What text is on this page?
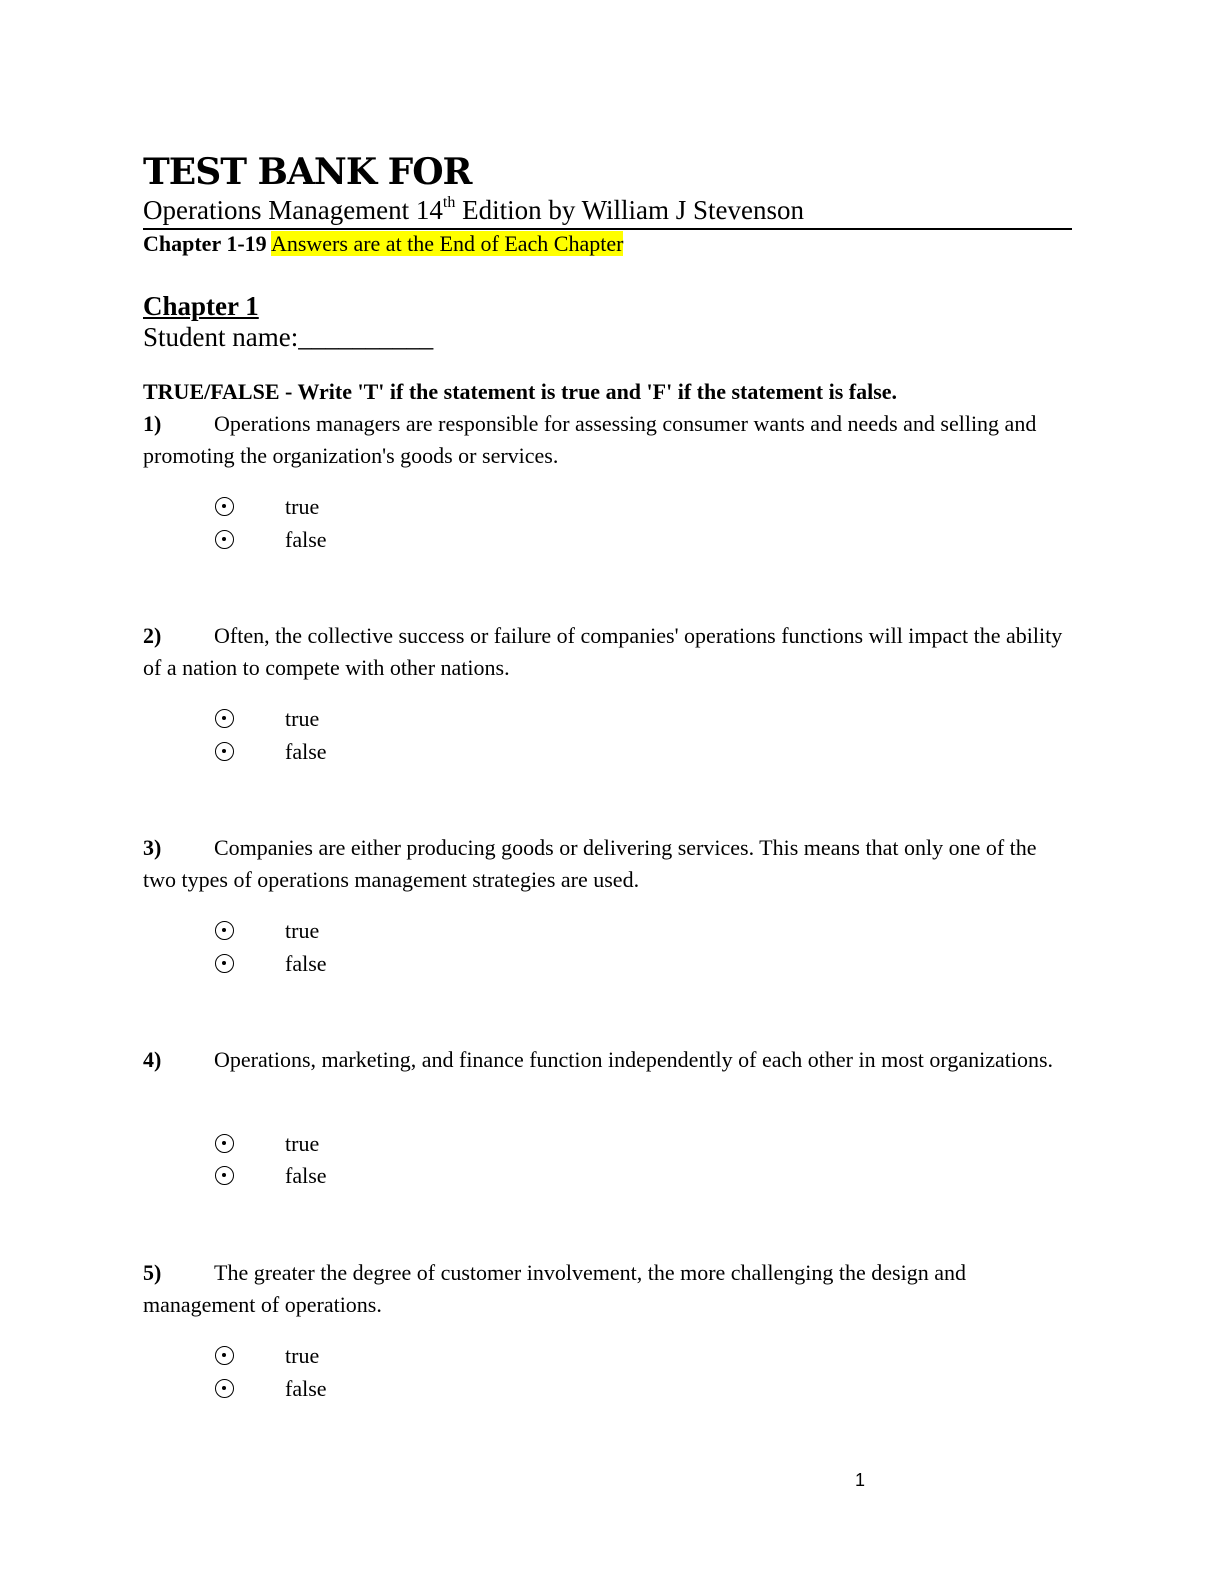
TEST BANK FOR
Operations Management 14th Edition by William J Stevenson
Chapter 1-19 Answers are at the End of Each Chapter
Chapter 1
Student name:__________
TRUE/FALSE - Write 'T' if the statement is true and 'F' if the statement is false.
1) Operations managers are responsible for assessing consumer wants and needs and selling and promoting the organization's goods or services.
true
false
2) Often, the collective success or failure of companies' operations functions will impact the ability of a nation to compete with other nations.
true
false
3) Companies are either producing goods or delivering services. This means that only one of the two types of operations management strategies are used.
true
false
4) Operations, marketing, and finance function independently of each other in most organizations.
true
false
5) The greater the degree of customer involvement, the more challenging the design and management of operations.
true
false
1
